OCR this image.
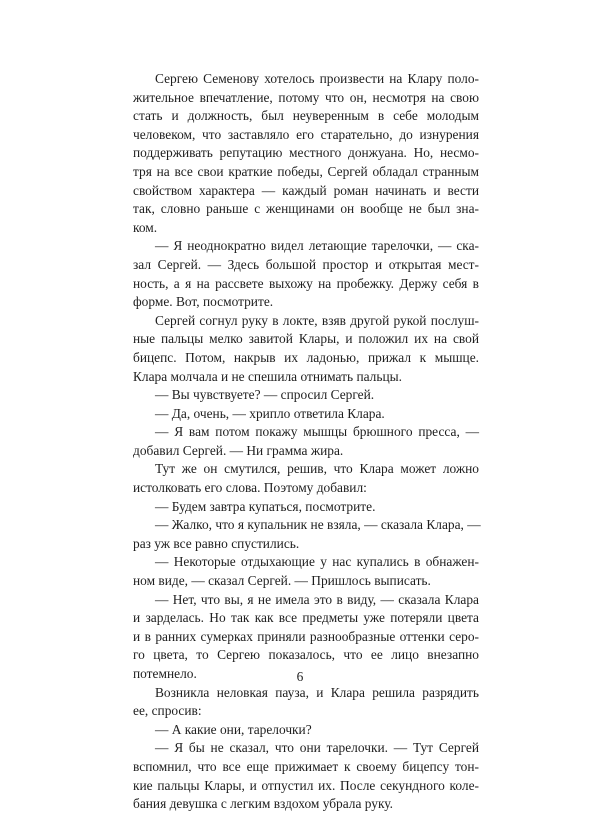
Сергею Семенову хотелось произвести на Клару поло-
жительное впечатление, потому что он, несмотря на свою
стать и должность, был неуверенным в себе молодым
человеком, что заставляло его старательно, до изнурения
поддерживать репутацию местного донжуана. Но, несмо-
тря на все свои краткие победы, Сергей обладал странным
свойством характера — каждый роман начинать и вести
так, словно раньше с женщинами он вообще не был зна-
ком.
— Я неоднократно видел летающие тарелочки, — ска-
зал Сергей. — Здесь большой простор и открытая мест-
ность, а я на рассвете выхожу на пробежку. Держу себя в
форме. Вот, посмотрите.
Сергей согнул руку в локте, взяв другой рукой послуш-
ные пальцы мелко завитой Клары, и положил их на свой
бицепс. Потом, накрыв их ладонью, прижал к мышце.
Клара молчала и не спешила отнимать пальцы.
— Вы чувствуете? — спросил Сергей.
— Да, очень, — хрипло ответила Клара.
— Я вам потом покажу мышцы брюшного пресса, —
добавил Сергей. — Ни грамма жира.
Тут же он смутился, решив, что Клара может ложно
истолковать его слова. Поэтому добавил:
— Будем завтра купаться, посмотрите.
— Жалко, что я купальник не взяла, — сказала Клара, —
раз уж все равно спустились.
— Некоторые отдыхающие у нас купались в обнажен-
ном виде, — сказал Сергей. — Пришлось выписать.
— Нет, что вы, я не имела это в виду, — сказала Клара
и зарделась. Но так как все предметы уже потеряли цвета
и в ранних сумерках приняли разнообразные оттенки серо-
го цвета, то Сергею показалось, что ее лицо внезапно
потемнело.
Возникла неловкая пауза, и Клара решила разрядить
ее, спросив:
— А какие они, тарелочки?
— Я бы не сказал, что они тарелочки. — Тут Сергей
вспомнил, что все еще прижимает к своему бицепсу тон-
кие пальцы Клары, и отпустил их. После секундного коле-
бания девушка с легким вздохом убрала руку.
6
